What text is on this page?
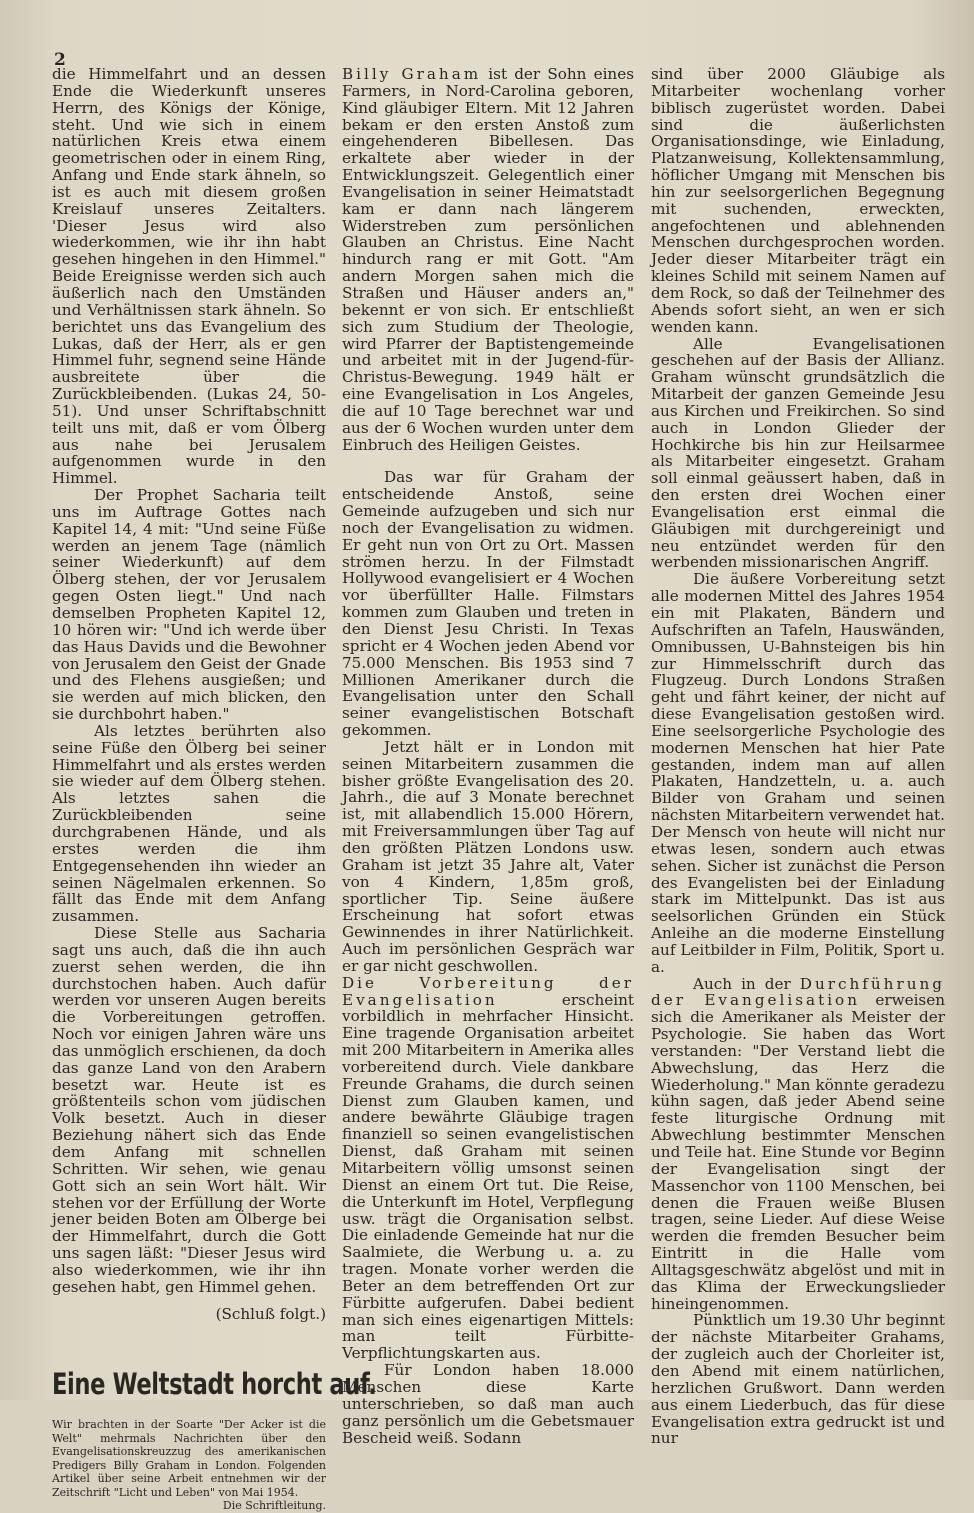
2

die Himmelfahrt und an dessen Ende die Wiederkunft unseres Herrn, des Königs der Könige, steht. Und wie sich in einem natürlichen Kreis etwa einem geometrischen oder in einem Ring, Anfang und Ende stark ähneln, so ist es auch mit diesem großen Kreislauf unseres Zeitalters. 'Dieser Jesus wird also wiederkommen, wie ihr ihn habt gesehen hingehen in den Himmel." Beide Ereignisse werden sich auch äußerlich nach den Umständen und Verhältnissen stark ähneln. So berichtet uns das Evangelium des Lukas, daß der Herr, als er gen Himmel fuhr, segnend seine Hände ausbreitete über die Zurückbleibenden. (Lukas 24, 50-51). Und unser Schriftabschnitt teilt uns mit, daß er vom Ölberg aus nahe bei Jerusalem aufgenommen wurde in den Himmel.

Der Prophet Sacharia teilt uns im Auftrage Gottes nach Kapitel 14, 4 mit: "Und seine Füße werden an jenem Tage (nämlich seiner Wiederkunft) auf dem Ölberg stehen, der vor Jerusalem gegen Osten liegt." Und nach demselben Propheten Kapitel 12, 10 hören wir: "Und ich werde über das Haus Davids und die Bewohner von Jerusalem den Geist der Gnade und des Flehens ausgießen; und sie werden auf mich blicken, den sie durchbohrt haben."

Als letztes berührten also seine Füße den Ölberg bei seiner Himmelfahrt und als erstes werden sie wieder auf dem Ölberg stehen. Als letztes sahen die Zurückbleibenden seine durchgrabenen Hände, und als erstes werden die ihm Entgegensehenden ihn wieder an seinen Nägelmalen erkennen. So fällt das Ende mit dem Anfang zusammen.

Diese Stelle aus Sacharia sagt uns auch, daß die ihn auch zuerst sehen werden, die ihn durchstochen haben. Auch dafür werden vor unseren Augen bereits die Vorbereitungen getroffen. Noch vor einigen Jahren wäre uns das unmöglich erschienen, da doch das ganze Land von den Arabern besetzt war. Heute ist es größtenteils schon vom jüdischen Volk besetzt. Auch in dieser Beziehung nähert sich das Ende dem Anfang mit schnellen Schritten. Wir sehen, wie genau Gott sich an sein Wort hält. Wir stehen vor der Erfüllung der Worte jener beiden Boten am Ölberge bei der Himmelfahrt, durch die Gott uns sagen läßt: "Dieser Jesus wird also wiederkommen, wie ihr ihn gesehen habt, gen Himmel gehen.

(Schluß folgt.)
Eine Weltstadt horcht auf.
Wir brachten in der Soarte "Der Acker ist die Welt" mehrmals Nachrichten über den Evangelisationskreuzzug des amerikanischen Predigers Billy Graham in London. Folgenden Artikel über seine Arbeit entnehmen wir der Zeitschrift "Licht und Leben" von Mai 1954.
Die Schriftleitung.

Billy Graham ist der Sohn eines Farmers, in Nord-Carolina geboren, Kind gläubiger Eltern. Mit 12 Jahren bekam er den ersten Anstoß zum eingehenderen Bibellesen. Das erkaltete aber wieder in der Entwicklungszeit. Gelegentlich einer Evangelisation in seiner Heimatstadt kam er dann nach längerem Widerstreben zum persönlichen Glauben an Christus. Eine Nacht hindurch rang er mit Gott. "Am andern Morgen sahen mich die Straßen und Häuser anders an," bekennt er von sich. Er entschließt sich zum Studium der Theologie, wird Pfarrer der Baptistengemeinde und arbeitet mit in der Jugend-für-Christus-Bewegung. 1949 hält er eine Evangelisation in Los Angeles, die auf 10 Tage berechnet war und aus der 6 Wochen wurden unter dem Einbruch des Heiligen Geistes.

Das war für Graham der entscheidende Anstoß, seine Gemeinde aufzugeben und sich nur noch der Evangelisation zu widmen. Er geht nun von Ort zu Ort. Massen strömen herzu. In der Filmstadt Hollywood evangelisiert er 4 Wochen vor überfüllter Halle. Filmstars kommen zum Glauben und treten in den Dienst Jesu Christi. In Texas spricht er 4 Wochen jeden Abend vor 75.000 Menschen. Bis 1953 sind 7 Millionen Amerikaner durch die Evangelisation unter den Schall seiner evangelistischen Botschaft gekommen.

Jetzt hält er in London mit seinen Mitarbeitern zusammen die bisher größte Evangelisation des 20. Jahrh., die auf 3 Monate berechnet ist, mit allabendlich 15.000 Hörern, mit Freiversammlungen über Tag auf den größten Plätzen Londons usw. Graham ist jetzt 35 Jahre alt, Vater von 4 Kindern, 1,85m groß, sportlicher Tip. Seine äußere Erscheinung hat sofort etwas Gewinnendes in ihrer Natürlichkeit. Auch im persönlichen Gespräch war er gar nicht geschwollen.

Die Vorbereitung der Evangelisation erscheint vorbildlich in mehrfacher Hinsicht. Eine tragende Organisation arbeitet mit 200 Mitarbeitern in Amerika alles vorbereitend durch. Viele dankbare Freunde Grahams, die durch seinen Dienst zum Glauben kamen, und andere bewährte Gläubige tragen finanziell so seinen evangelistischen Dienst, daß Graham mit seinen Mitarbeitern völlig umsonst seinen Dienst an einem Ort tut. Die Reise, die Unterkunft im Hotel, Verpflegung usw. trägt die Organisation selbst. Die einladende Gemeinde hat nur die Saalmiete, die Werbung u. a. zu tragen. Monate vorher werden die Beter an dem betreffenden Ort zur Fürbitte aufgerufen. Dabei bedient man sich eines eigenartigen Mittels: man teilt Fürbitte-Verpflichtungskarten aus.

Für London haben 18.000 Menschen diese Karte unterschrieben, so daß man auch ganz persönlich um die Gebetsmauer Bescheid weiß. Sodann

sind über 2000 Gläubige als Mitarbeiter wochenlang vorher biblisch zugerüstet worden. Dabei sind die äußerlichsten Organisationsdinge, wie Einladung, Platzanweisung, Kollektensammlung, höflicher Umgang mit Menschen bis hin zur seelsorgerlichen Begegnung mit suchenden, erweckten, angefochtenen und ablehnenden Menschen durchgesprochen worden. Jeder dieser Mitarbeiter trägt ein kleines Schild mit seinem Namen auf dem Rock, so daß der Teilnehmer des Abends sofort sieht, an wen er sich wenden kann.

Alle Evangelisationen geschehen auf der Basis der Allianz. Graham wünscht grundsätzlich die Mitarbeit der ganzen Gemeinde Jesu aus Kirchen und Freikirchen. So sind auch in London Glieder der Hochkirche bis hin zur Heilsarmee als Mitarbeiter eingesetzt. Graham soll einmal geäussert haben, daß in den ersten drei Wochen einer Evangelisation erst einmal die Gläubigen mit durchgereinigt und neu entzündet werden für den werbenden missionarischen Angriff.

Die äußere Vorbereitung setzt alle modernen Mittel des Jahres 1954 ein mit Plakaten, Bändern und Aufschriften an Tafeln, Hauswänden, Omnibussen, U-Bahnsteigen bis hin zur Himmelsschrift durch das Flugzeug. Durch Londons Straßen geht und fährt keiner, der nicht auf diese Evangelisation gestoßen wird. Eine seelsorgerliche Psychologie des modernen Menschen hat hier Pate gestanden, indem man auf allen Plakaten, Handzetteln, u. a. auch Bilder von Graham und seinen nächsten Mitarbeitern verwendet hat. Der Mensch von heute will nicht nur etwas lesen, sondern auch etwas sehen. Sicher ist zunächst die Person des Evangelisten bei der Einladung stark im Mittelpunkt. Das ist aus seelsorlichen Gründen ein Stück Anleihe an die moderne Einstellung auf Leitbilder in Film, Politik, Sport u. a.

Auch in der Durchführung der Evangelisation erweisen sich die Amerikaner als Meister der Psychologie. Sie haben das Wort verstanden: "Der Verstand liebt die Abwechslung, das Herz die Wiederholung." Man könnte geradezu kühn sagen, daß jeder Abend seine feste liturgische Ordnung mit Abwechlung bestimmter Menschen und Teile hat. Eine Stunde vor Beginn der Evangelisation singt der Massenchor von 1100 Menschen, bei denen die Frauen weiße Blusen tragen, seine Lieder. Auf diese Weise werden die fremden Besucher beim Eintritt in die Halle vom Alltagsgeschwätz abgelöst und mit in das Klima der Erweckungslieder hineingenommen.

Pünktlich um 19.30 Uhr beginnt der nächste Mitarbeiter Grahams, der zugleich auch der Chorleiter ist, den Abend mit einem natürlichen, herzlichen Grußwort. Dann werden aus einem Liederbuch, das für diese Evangelisation extra gedruckt ist und nur
